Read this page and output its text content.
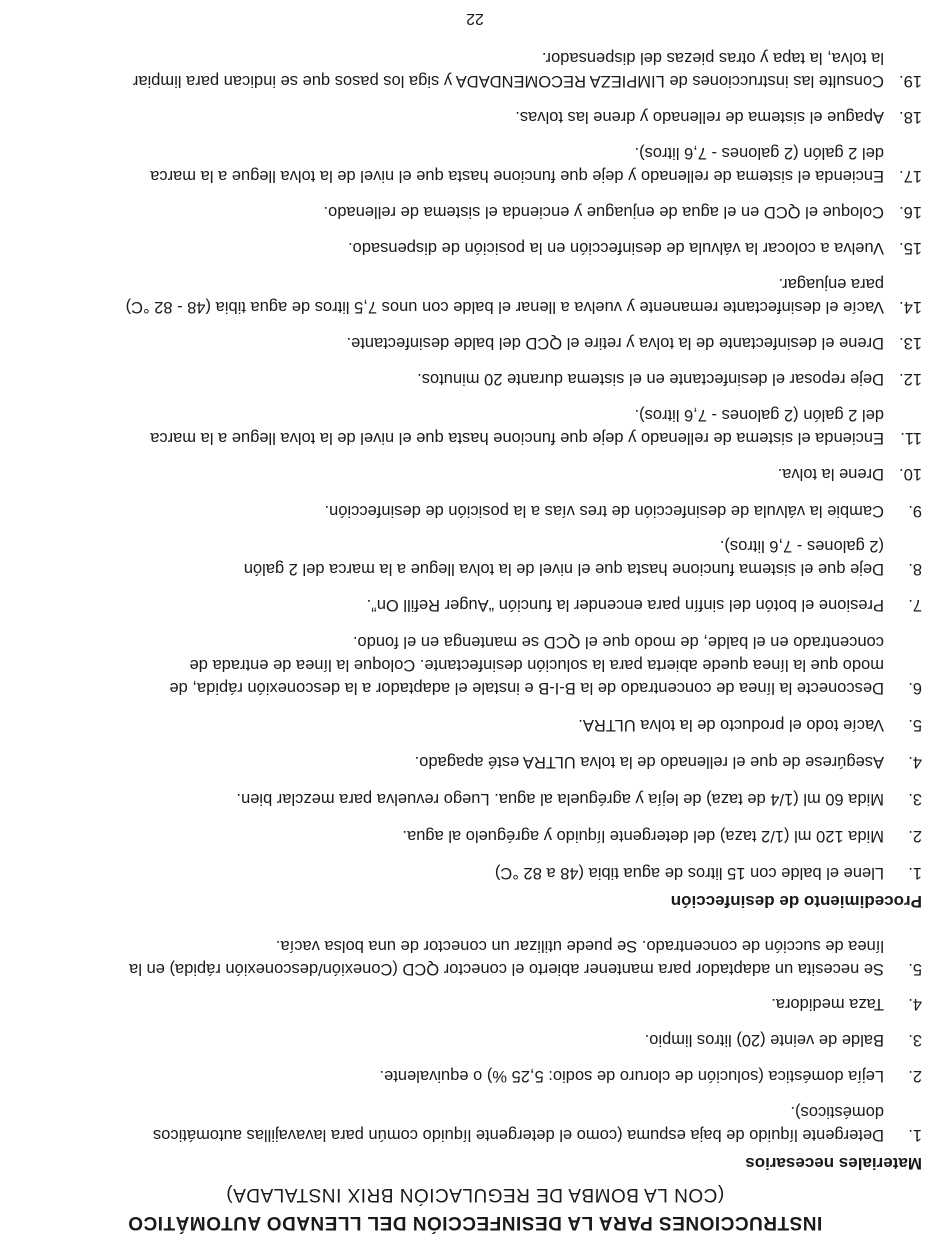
INSTRUCCIONES PARA LA DESINFECCIÓN DEL LLENADO AUTOMÁTICO
(CON LA BOMBA DE REGULACIÓN BRIX INSTALADA)
Materiales necesarios
1.
Detergente líquido de baja espuma (como el detergente líquido común para lavavajillas automáticos
domésticos).
2.
Lejía doméstica (solución de cloruro de sodio: 5,25 %) o equivalente.
3.
Balde de veinte (20) litros limpio.
4.
Taza medidora.
5.
Se necesita un adaptador para mantener abierto el conector QCD (Conexión/desconexión rápida) en la
línea de succión de concentrado. Se puede utilizar un conector de una bolsa vacía.
Procedimiento de desinfección
1.
Llene el balde con 15 litros de agua tibia (48 a 82 °C)
2.
Mida 120 ml (1/2 taza) del detergente líquido y agréguelo al agua.
3.
Mida 60 ml (1/4 de taza) de lejía y agréguela al agua. Luego revuelva para mezclar bien.
4.
Asegúrese de que el rellenado de la tolva ULTRA esté apagado.
5.
Vacíe todo el producto de la tolva ULTRA.
6.
Desconecte la línea de concentrado de la B-I-B e instale el adaptador a la desconexión rápida, de
modo que la línea quede abierta para la solución desinfectante. Coloque la línea de entrada de
concentrado en el balde, de modo que el QCD se mantenga en el fondo.
7.
Presione el botón del sinfín para encender la función “Auger Refill On”.
8.
Deje que el sistema funcione hasta que el nivel de la tolva llegue a la marca del 2 galón
(2 galones - 7,6 litros).
9.
Cambie la válvula de desinfección de tres vías a la posición de desinfección.
10.
Drene la tolva.
11.
Encienda el sistema de rellenado y deje que funcione hasta que el nivel de la tolva llegue a la marca
del 2 galón (2 galones - 7,6 litros).
12.
Deje reposar el desinfectante en el sistema durante 20 minutos.
13.
Drene el desinfectante de la tolva y retire el QCD del balde desinfectante.
14.
Vacíe el desinfectante remanente y vuelva a llenar el balde con unos 7,5 litros de agua tibia (48 - 82 °C)
para enjuagar.
15.
Vuelva a colocar la válvula de desinfección en la posición de dispensado.
16.
Coloque el QCD en el agua de enjuague y encienda el sistema de rellenado.
17.
Encienda el sistema de rellenado y deje que funcione hasta que el nivel de la tolva llegue a la marca
del 2 galón (2 galones - 7,6 litros).
18.
Apague el sistema de rellenado y drene las tolvas.
19.
Consulte las instrucciones de LIMPIEZA RECOMENDADA y siga los pasos que se indican para limpiar
la tolva, la tapa y otras piezas del dispensador.
22
